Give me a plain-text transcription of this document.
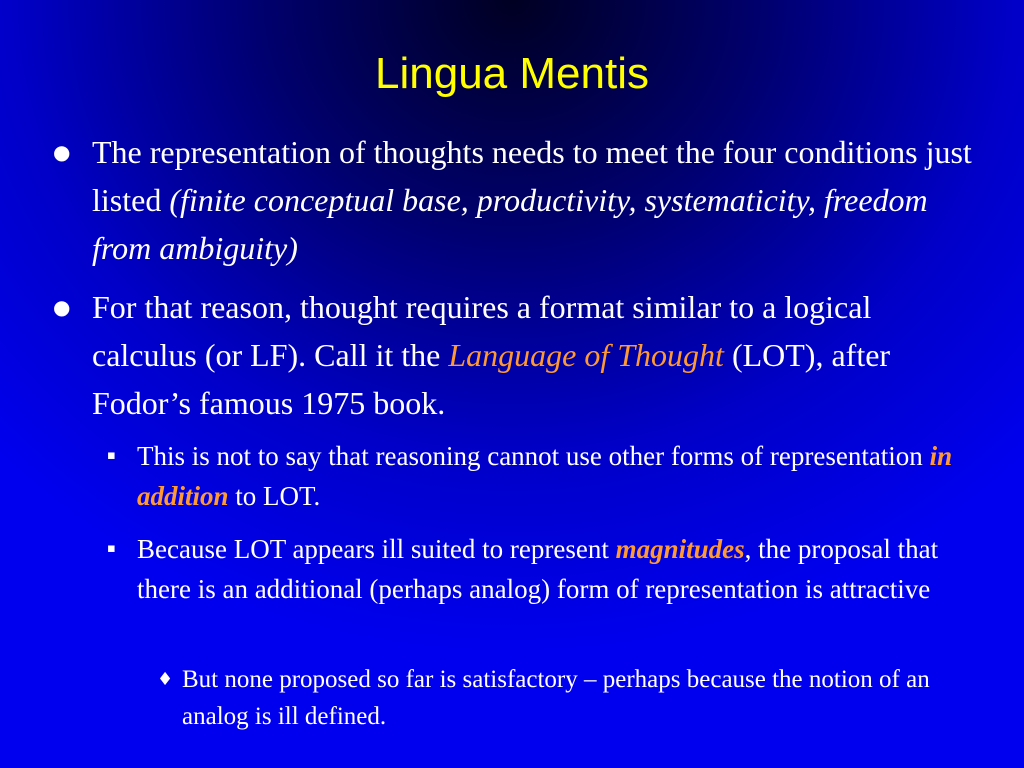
Lingua Mentis
● The representation of thoughts needs to meet the four conditions just listed (finite conceptual base, productivity, systematicity, freedom from ambiguity)
● For that reason, thought requires a format similar to a logical calculus (or LF). Call it the Language of Thought (LOT), after Fodor’s famous 1975 book.
▪ This is not to say that reasoning cannot use other forms of representation in addition to LOT.
▪ Because LOT appears ill suited to represent magnitudes, the proposal that there is an additional (perhaps analog) form of representation is attractive
♦ But none proposed so far is satisfactory – perhaps because the notion of an analog is ill defined.
